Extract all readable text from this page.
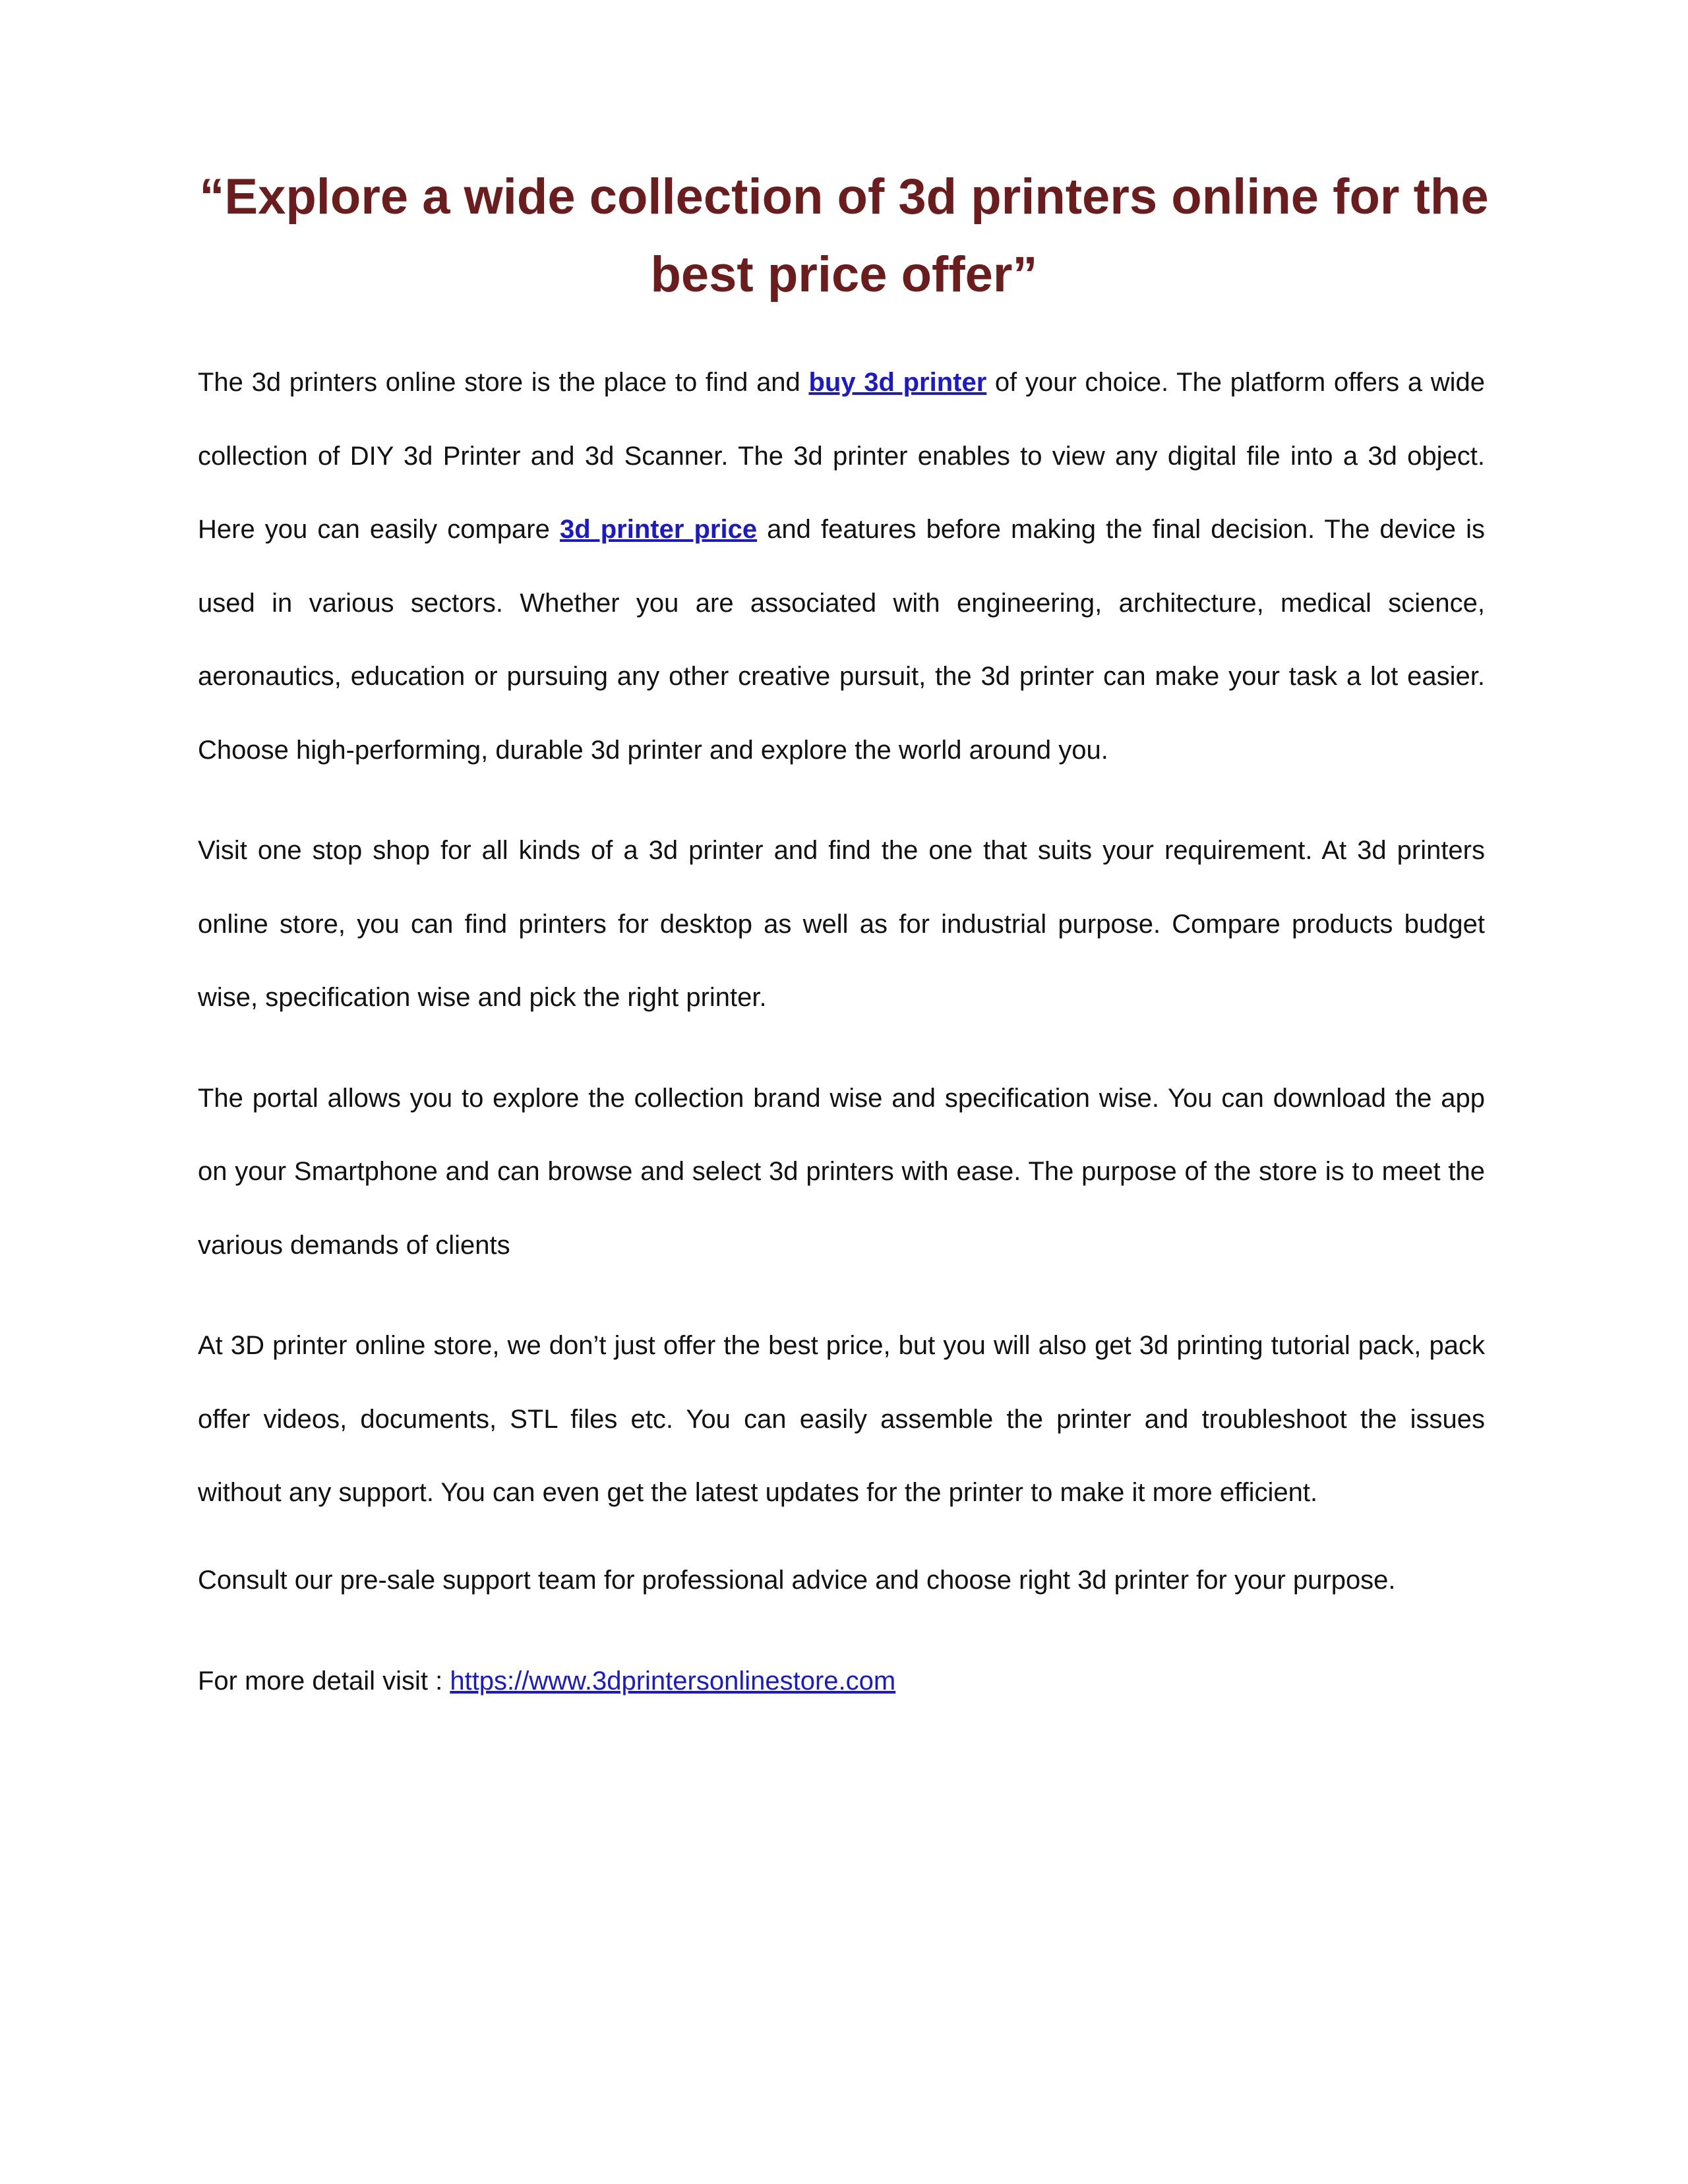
“Explore a wide collection of 3d printers online for the best price offer”

The 3d printers online store is the place to find and buy 3d printer of your choice. The platform offers a wide collection of DIY 3d Printer and 3d Scanner. The 3d printer enables to view any digital file into a 3d object. Here you can easily compare 3d printer price and features before making the final decision. The device is used in various sectors. Whether you are associated with engineering, architecture, medical science, aeronautics, education or pursuing any other creative pursuit, the 3d printer can make your task a lot easier. Choose high-performing, durable 3d printer and explore the world around you.

Visit one stop shop for all kinds of a 3d printer and find the one that suits your requirement. At 3d printers online store, you can find printers for desktop as well as for industrial purpose. Compare products budget wise, specification wise and pick the right printer.

The portal allows you to explore the collection brand wise and specification wise. You can download the app on your Smartphone and can browse and select 3d printers with ease. The purpose of the store is to meet the various demands of clients

At 3D printer online store, we don’t just offer the best price, but you will also get 3d printing tutorial pack, pack offer videos, documents, STL files etc. You can easily assemble the printer and troubleshoot the issues without any support. You can even get the latest updates for the printer to make it more efficient.

Consult our pre-sale support team for professional advice and choose right 3d printer for your purpose.

For more detail visit : https://www.3dprintersonlinestore.com
